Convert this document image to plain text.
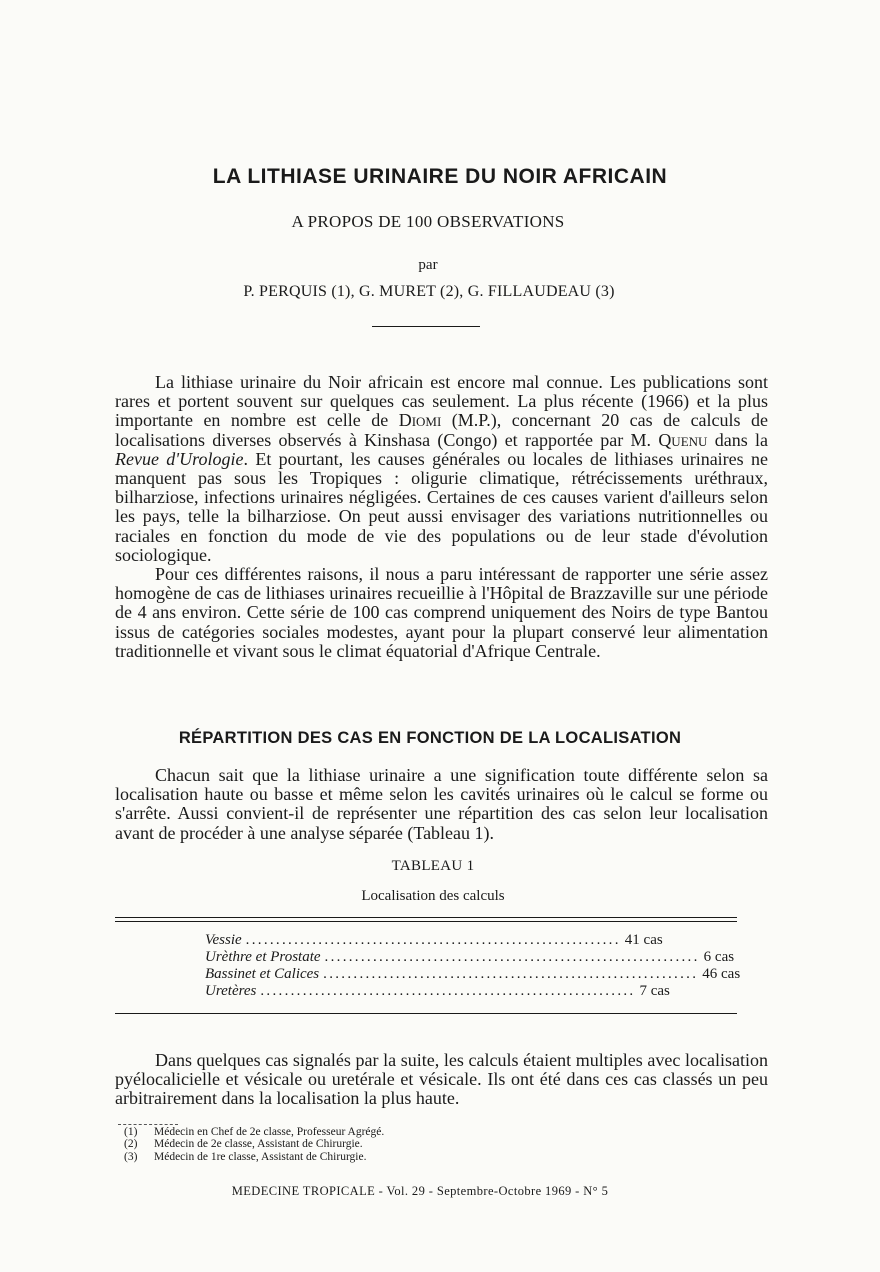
LA LITHIASE URINAIRE DU NOIR AFRICAIN
A PROPOS DE 100 OBSERVATIONS
par
P. PERQUIS (1), G. MURET (2), G. FILLAUDEAU (3)

La lithiase urinaire du Noir africain est encore mal connue. Les publications sont rares et portent souvent sur quelques cas seulement. La plus récente (1966) et la plus importante en nombre est celle de Diomi (M.P.), concernant 20 cas de calculs de localisations diverses observés à Kinshasa (Congo) et rapportée par M. Quenu dans la Revue d'Urologie. Et pourtant, les causes générales ou locales de lithiases urinaires ne manquent pas sous les Tropiques : oligurie climatique, rétrécissements uréthraux, bilharziose, infections urinaires négligées. Certaines de ces causes varient d'ailleurs selon les pays, telle la bilharziose. On peut aussi envisager des variations nutritionnelles ou raciales en fonction du mode de vie des populations ou de leur stade d'évolution sociologique.

Pour ces différentes raisons, il nous a paru intéressant de rapporter une série assez homogène de cas de lithiases urinaires recueillie à l'Hôpital de Brazzaville sur une période de 4 ans environ. Cette série de 100 cas comprend uniquement des Noirs de type Bantou issus de catégories sociales modestes, ayant pour la plupart conservé leur alimentation traditionnelle et vivant sous le climat équatorial d'Afrique Centrale.

RÉPARTITION DES CAS EN FONCTION DE LA LOCALISATION

Chacun sait que la lithiase urinaire a une signification toute différente selon sa localisation haute ou basse et même selon les cavités urinaires où le calcul se forme ou s'arrête. Aussi convient-il de représenter une répartition des cas selon leur localisation avant de procéder à une analyse séparée (Tableau 1).

TABLEAU 1
Localisation des calculs
Vessie .............................................................. 41 cas
Urèthre et Prostate .............................................................. 6 cas
Bassinet et Calices .............................................................. 46 cas
Uretères .............................................................. 7 cas

Dans quelques cas signalés par la suite, les calculs étaient multiples avec localisation pyélocalicielle et vésicale ou uretérale et vésicale. Ils ont été dans ces cas classés un peu arbitrairement dans la localisation la plus haute.

(1) Médecin en Chef de 2e classe, Professeur Agrégé.
(2) Médecin de 2e classe, Assistant de Chirurgie.
(3) Médecin de 1re classe, Assistant de Chirurgie.
MEDECINE TROPICALE - Vol. 29 - Septembre-Octobre 1969 - N° 5
